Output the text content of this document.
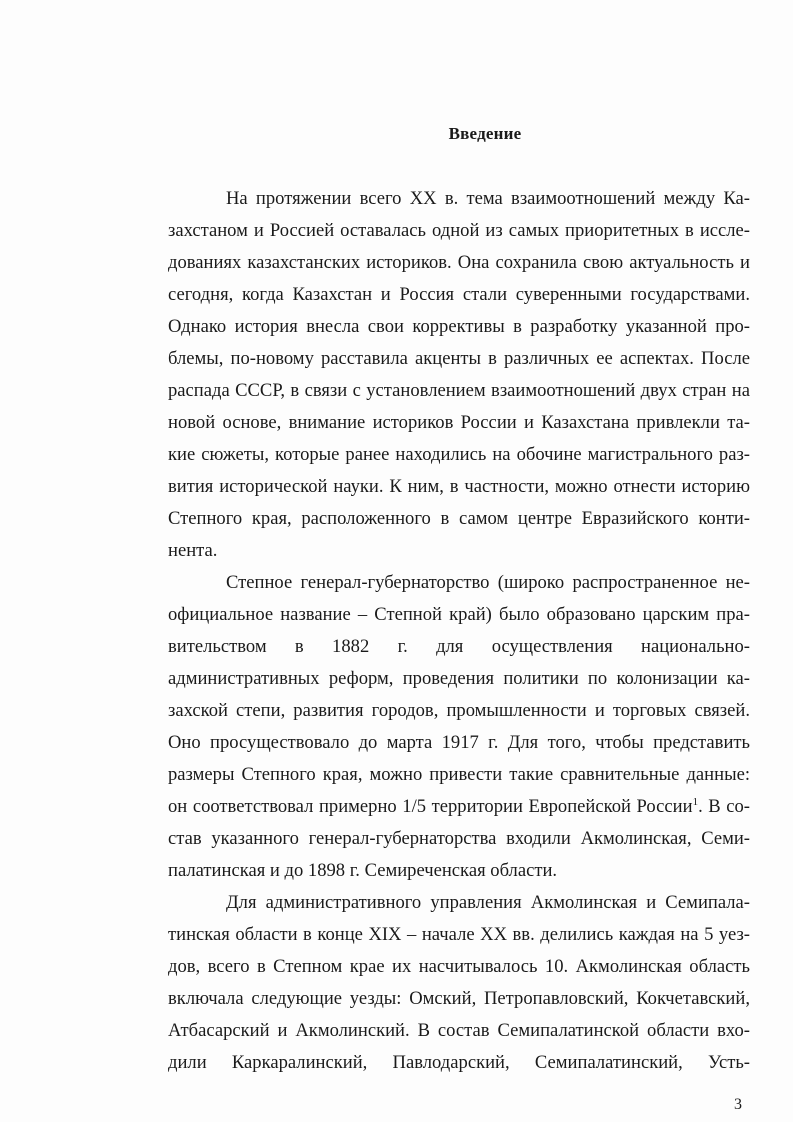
Введение
На протяжении всего XX в. тема взаимоотношений между Ка-
захстаном и Россией оставалась одной из самых приоритетных в иссле-
дованиях казахстанских историков. Она сохранила свою актуальность и
сегодня, когда Казахстан и Россия стали суверенными государствами.
Однако история внесла свои коррективы в разработку указанной про-
блемы, по-новому расставила акценты в различных ее аспектах. После
распада СССР, в связи с установлением взаимоотношений двух стран на
новой основе, внимание историков России и Казахстана привлекли та-
кие сюжеты, которые ранее находились на обочине магистрального раз-
вития исторической науки. К ним, в частности, можно отнести историю
Степного края, расположенного в самом центре Евразийского конти-
нента.
Степное генерал-губернаторство (широко распространенное не-
официальное название – Степной край) было образовано царским пра-
вительством в 1882 г. для осуществления национально-
административных реформ, проведения политики по колонизации ка-
захской степи, развития городов, промышленности и торговых связей.
Оно просуществовало до марта 1917 г. Для того, чтобы представить
размеры Степного края, можно привести такие сравнительные данные:
он соответствовал примерно 1/5 территории Европейской России$^1$. В со-
став указанного генерал-губернаторства входили Акмолинская, Семи-
палатинская и до 1898 г. Семиреченская области.
Для административного управления Акмолинская и Семипала-
тинская области в конце XIX – начале XX вв. делились каждая на 5 уез-
дов, всего в Степном крае их насчитывалось 10. Акмолинская область
включала следующие уезды: Омский, Петропавловский, Кокчетавский,
Атбасарский и Акмолинский. В состав Семипалатинской области вхо-
дили Каркаралинский, Павлодарский, Семипалатинский, Усть-
3
